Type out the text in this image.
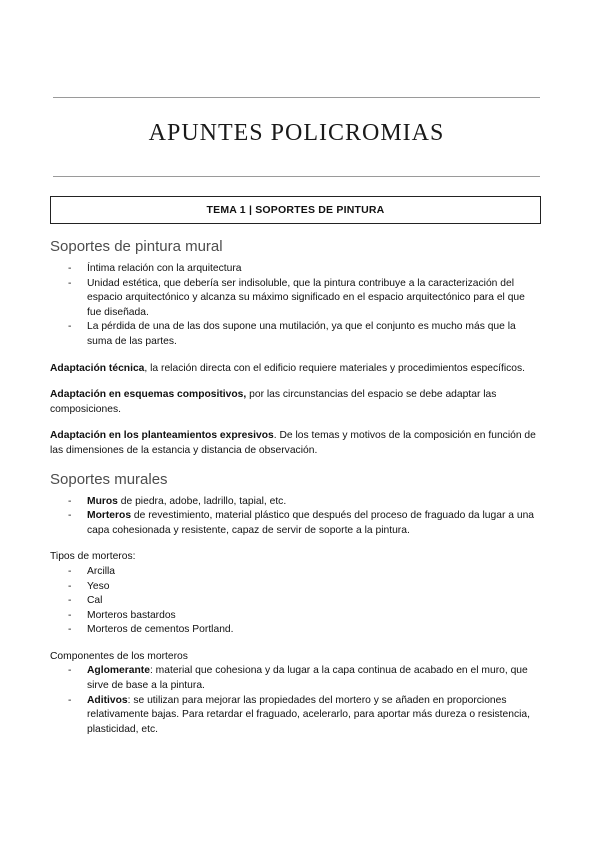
APUNTES POLICROMIAS
TEMA 1 | SOPORTES DE PINTURA
Soportes de pintura mural
- Íntima relación con la arquitectura
- Unidad estética, que debería ser indisoluble, que la pintura contribuye a la caracterización del espacio arquitectónico y alcanza su máximo significado en el espacio arquitectónico para el que fue diseñada.
- La pérdida de una de las dos supone una mutilación, ya que el conjunto es mucho más que la suma de las partes.

Adaptación técnica, la relación directa con el edificio requiere materiales y procedimientos específicos.

Adaptación en esquemas compositivos, por las circunstancias del espacio se debe adaptar las composiciones.

Adaptación en los planteamientos expresivos. De los temas y motivos de la composición en función de las dimensiones de la estancia y distancia de observación.

Soportes murales
- Muros de piedra, adobe, ladrillo, tapial, etc.
- Morteros de revestimiento, material plástico que después del proceso de fraguado da lugar a una capa cohesionada y resistente, capaz de servir de soporte a la pintura.

Tipos de morteros:

- Arcilla
- Yeso
- Cal
- Morteros bastardos
- Morteros de cementos Portland.

Componentes de los morteros

- Aglomerante: material que cohesiona y da lugar a la capa continua de acabado en el muro, que sirve de base a la pintura.
- Aditivos: se utilizan para mejorar las propiedades del mortero y se añaden en proporciones relativamente bajas. Para retardar el fraguado, acelerarlo, para aportar más dureza o resistencia, plasticidad, etc.
